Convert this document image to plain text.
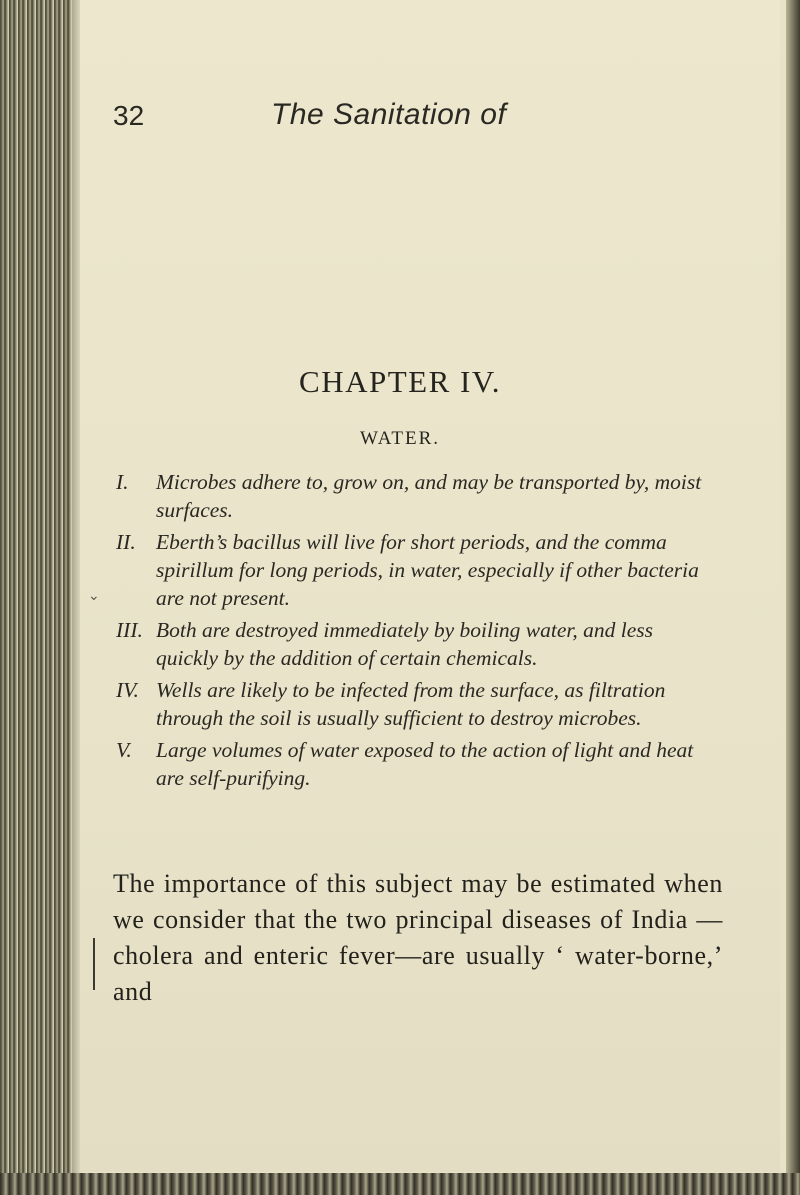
32	The Sanitation of
CHAPTER IV.
WATER.
I. Microbes adhere to, grow on, and may be transported by, moist surfaces.
II. Eberth’s bacillus will live for short periods, and the comma spirillum for long periods, in water, especially if other bacteria are not present.
III. Both are destroyed immediately by boiling water, and less quickly by the addition of certain chemicals.
IV. Wells are likely to be infected from the surface, as filtration through the soil is usually sufficient to destroy microbes.
V. Large volumes of water exposed to the action of light and heat are self-purifying.
⌄
The importance of this subject may be estimated when we consider that the two principal diseases of India — cholera and enteric fever—are usually ‘ water-borne,’ and
